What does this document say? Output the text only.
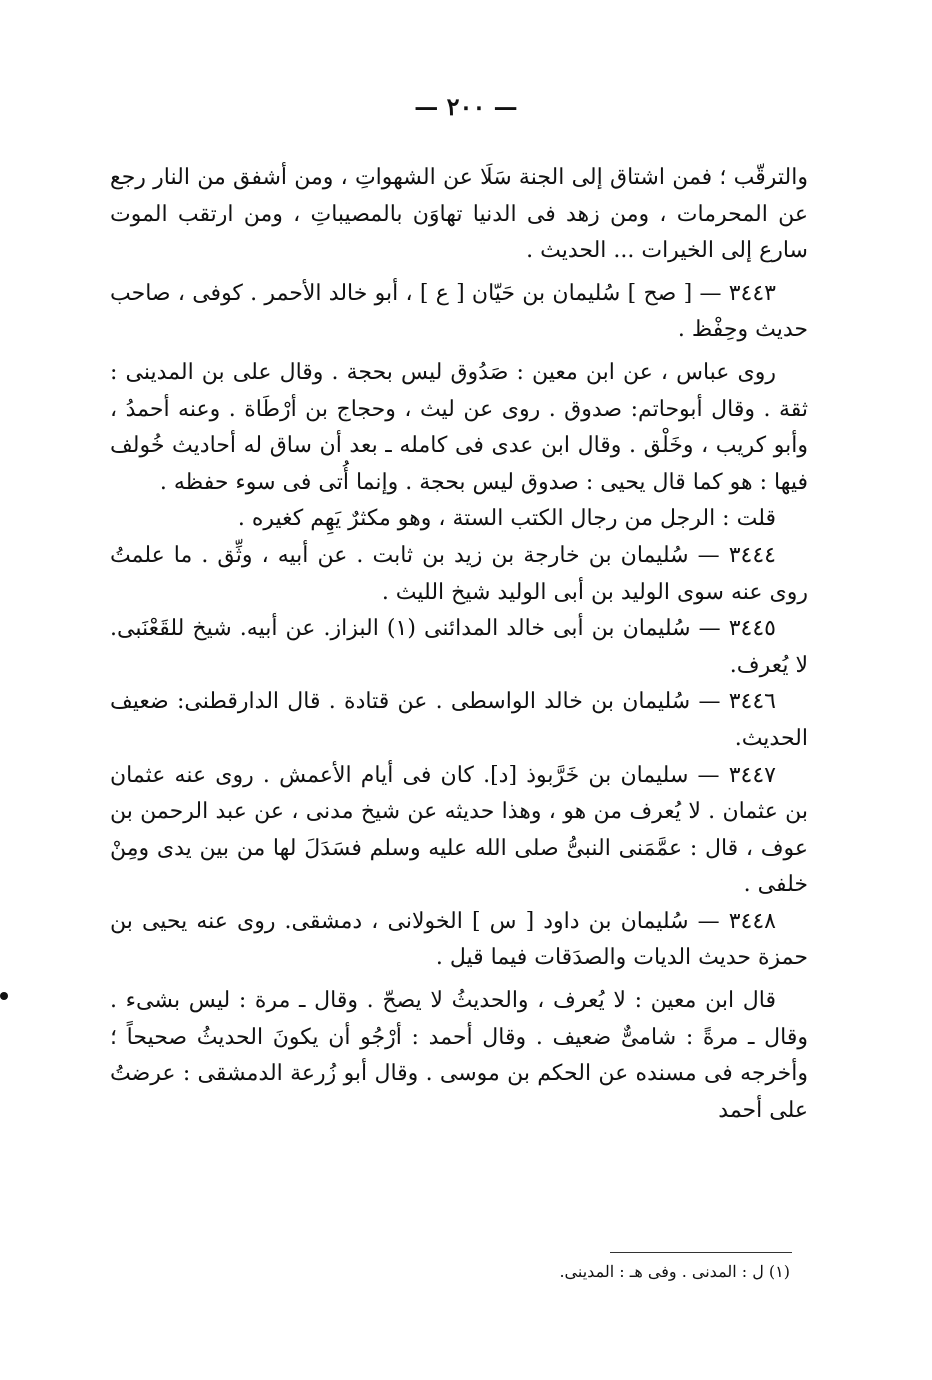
— ٢٠٠ —

والترقّب ؛ فمن اشتاق إلى الجنة سَلَا عن الشهواتِ ، ومن أشفق من النار رجع عن المحرمات ، ومن زهد فى الدنيا تهاوَن بالمصيباتِ ، ومن ارتقب الموت سارع إلى الخيرات ... الحديث .

٣٤٤٣ — [ صح ] سُليمان بن حَيّان [ ع ] ، أبو خالد الأحمر . كوفى ، صاحب حديث وحِفْظ .

روى عباس ، عن ابن معين : صَدُوق ليس بحجة . وقال على بن المدينى : ثقة . وقال أبوحاتم: صدوق . روى عن ليث ، وحجاج بن أرْطَاة . وعنه أحمدُ ، وأبو كريب ، وخَلْق . وقال ابن عدى فى كامله ـ بعد أن ساق له أحاديث خُولف فيها : هو كما قال يحيى : صدوق ليس بحجة . وإنما أُتى فى سوء حفظه .

قلت : الرجل من رجال الكتب الستة ، وهو مكثرٌ يَهِم كغيره .

٣٤٤٤ — سُليمان بن خارجة بن زيد بن ثابت . عن أبيه ، وثِّق . ما علمتُ روى عنه سوى الوليد بن أبى الوليد شيخ الليث .

٣٤٤٥ — سُليمان بن أبى خالد المدائنى (١) البزاز. عن أبيه. شيخ للقَعْنَبى. لا يُعرف.

٣٤٤٦ — سُليمان بن خالد الواسطى . عن قتادة . قال الدارقطنى: ضعيف الحديث.

٣٤٤٧ — سليمان بن خَرَّبوذ [د]. كان فى أيام الأعمش . روى عنه عثمان بن عثمان . لا يُعرف من هو ، وهذا حديثه عن شيخ مدنى ، عن عبد الرحمن بن عوف ، قال : عمَّمَنى النبىُّ صلى الله عليه وسلم فسَدَلَ لها من بين يدى ومِنْ خلفى .

٣٤٤٨ — سُليمان بن داود [ س ] الخولانى ، دمشقى. روى عنه يحيى بن حمزة حديث الديات والصدَقات فيما قيل .

قال ابن معين : لا يُعرف ، والحديثُ لا يصحّ . وقال ـ مرة : ليس بشىء . وقال ـ مرةً : شامىٌّ ضعيف . وقال أحمد : أرْجُو أن يكونَ الحديثُ صحيحاً ؛ وأخرجه فى مسنده عن الحكم بن موسى . وقال أبو زُرعة الدمشقى : عرضتُ على أحمد

(١) ل : المدنى . وفى هـ : المدينى.
